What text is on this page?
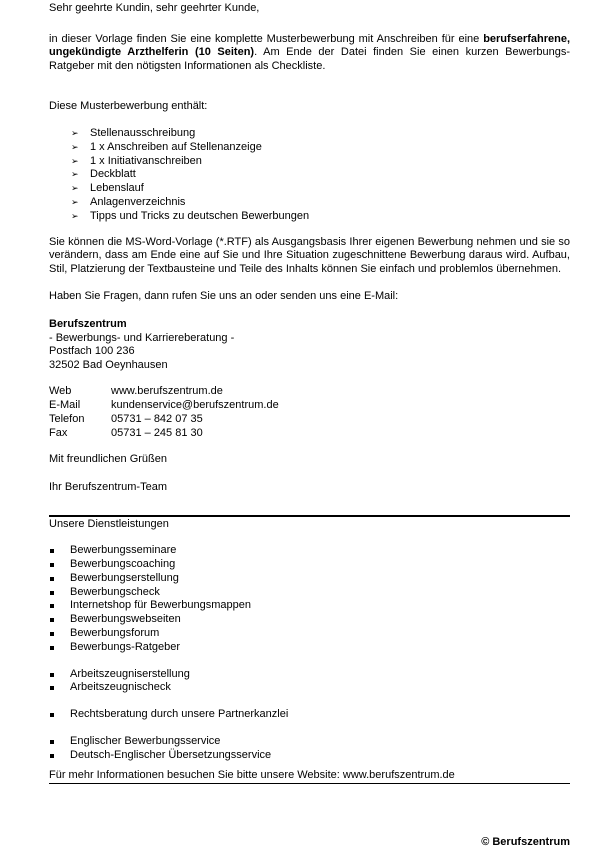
Sehr geehrte Kundin, sehr geehrter Kunde,

in dieser Vorlage finden Sie eine komplette Musterbewerbung mit Anschreiben für eine berufserfahrene, ungekündigte Arzthelferin (10 Seiten). Am Ende der Datei finden Sie einen kurzen Bewerbungs-Ratgeber mit den nötigsten Informationen als Checkliste.

Diese Musterbewerbung enthält:

➢ Stellenausschreibung
➢ 1 x Anschreiben auf Stellenanzeige
➢ 1 x Initiativanschreiben
➢ Deckblatt
➢ Lebenslauf
➢ Anlagenverzeichnis
➢ Tipps und Tricks zu deutschen Bewerbungen

Sie können die MS-Word-Vorlage (*.RTF) als Ausgangsbasis Ihrer eigenen Bewerbung nehmen und sie so verändern, dass am Ende eine auf Sie und Ihre Situation zugeschnittene Bewerbung daraus wird. Aufbau, Stil, Platzierung der Textbausteine und Teile des Inhalts können Sie einfach und problemlos übernehmen.

Haben Sie Fragen, dann rufen Sie uns an oder senden uns eine E-Mail:

Berufszentrum

- Bewerbungs- und Karriereberatung -

Postfach 100 236

32502 Bad Oeynhausen

Web	www.berufszentrum.de
E-Mail	kundenservice@berufszentrum.de
Telefon	05731 – 842 07 35
Fax	05731 – 245 81 30

Mit freundlichen Grüßen

Ihr Berufszentrum-Team

Unsere Dienstleistungen

Bewerbungsseminare
Bewerbungscoaching
Bewerbungserstellung
Bewerbungscheck
Internetshop für Bewerbungsmappen
Bewerbungswebseiten
Bewerbungsforum
Bewerbungs-Ratgeber
Arbeitszeugniserstellung
Arbeitszeugnischeck
Rechtsberatung durch unsere Partnerkanzlei
Englischer Bewerbungsservice
Deutsch-Englischer Übersetzungsservice

Für mehr Informationen besuchen Sie bitte unsere Website: www.berufszentrum.de

© Berufszentrum
